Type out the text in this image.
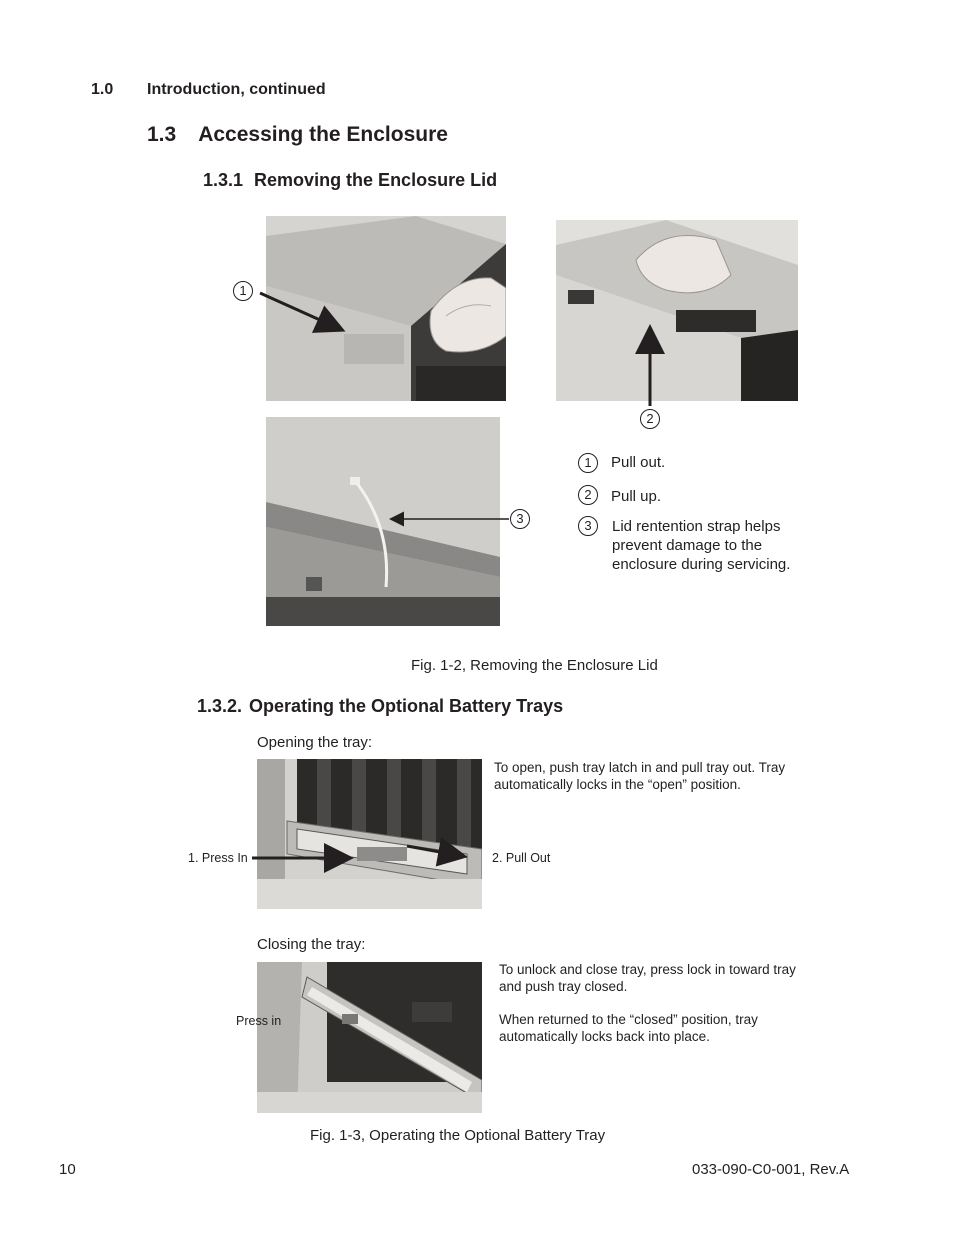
1.0 Introduction, continued
1.3 Accessing the Enclosure
1.3.1 Removing the Enclosure Lid
1
2
3
1	Pull out.
2	Pull up.
3	Lid rentention strap helps prevent damage to the enclosure during servicing.
Fig. 1-2, Removing the Enclosure Lid
1.3.2. Operating the Optional Battery Trays
Opening the tray:
1. Press In	2. Pull Out
To open, push tray latch in and pull tray out. Tray automatically locks in the “open” position.
Closing the tray:
Press in
To unlock and close tray, press lock in toward tray and push tray closed.
When returned to the “closed” position, tray automatically locks back into place.
Fig. 1-3, Operating the Optional Battery Tray
10	033-090-C0-001, Rev.A
